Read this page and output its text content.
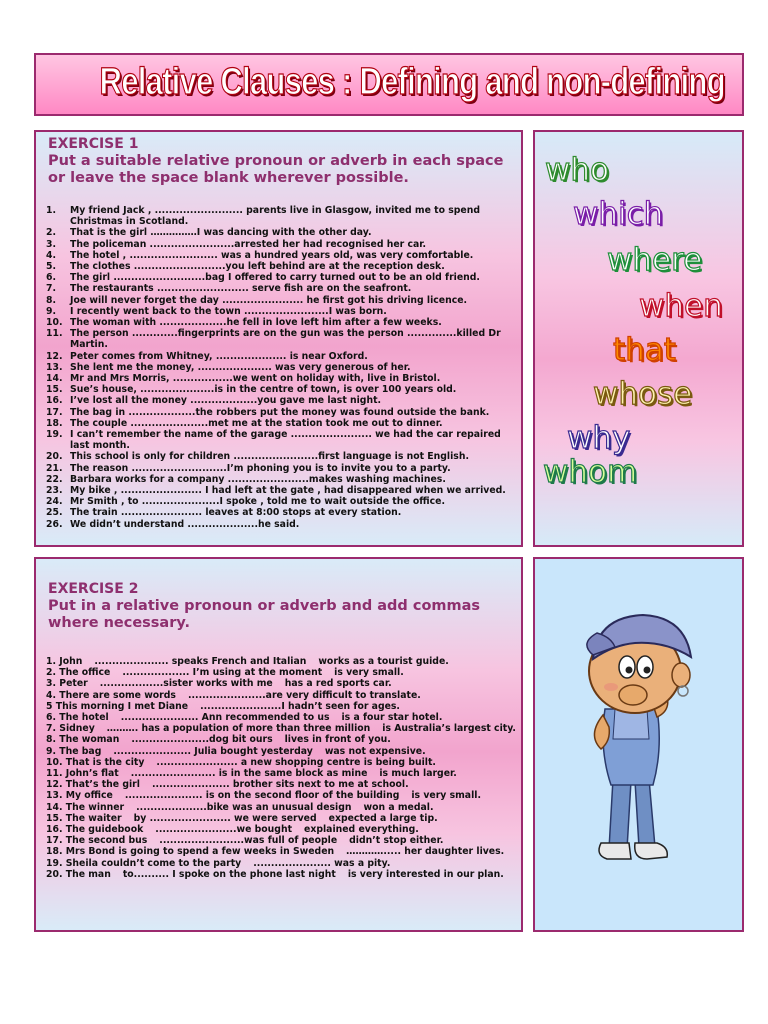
Relative Clauses : Defining and non-defining
EXERCISE 1
Put a suitable relative pronoun or adverb in each space or leave the space blank wherever possible.
1. My friend Jack , ......................... parents live in Glasgow, invited me to spend Christmas in Scotland.
2. That is the girl ……………I was dancing with the other day.
3. The policeman ........................arrested her had recognised her car.
4. The hotel , ......................... was a hundred years old, was very comfortable.
5. The clothes ..........................you left behind are at the reception desk.
6. The girl ..........................bag I offered to carry turned out to be an old friend.
7. The restaurants .......................... serve fish are on the seafront.
8. Joe will never forget the day ....................... he first got his driving licence.
9. I recently went back to the town ........................I was born.
10. The woman with ...................he fell in love left him after a few weeks.
11. The person .............fingerprints are on the gun was the person ..............killed Dr Martin.
12. Peter comes from Whitney, .................... is near Oxford.
13. She lent me the money, ..................... was very generous of her.
14. Mr and Mrs Morris, .................we went on holiday with, live in Bristol.
15. Sue’s house, .....................is in the centre of town, is over 100 years old.
16. I’ve lost all the money ...................you gave me last night.
17. The bag in ...................the robbers put the money was found outside the bank.
18. The couple ......................met me at the station took me out to dinner.
19. I can’t remember the name of the garage ....................... we had the car repaired last month.
20. This school is only for children ........................first language is not English.
21. The reason ...........................I’m phoning you is to invite you to a party.
22. Barbara works for a company .......................makes washing machines.
23. My bike , ....................... I had left at the gate , had disappeared when we arrived.
24. Mr Smith , to ......................I spoke , told me to wait outside the office.
25. The train ....................... leaves at 8:00 stops at every station.
26. We didn’t understand ....................he said.
who
which
where
when
that
whose
why
whom
EXERCISE 2
Put in a relative pronoun or adverb and add commas where necessary.
1. John ..................... speaks French and Italian works as a tourist guide.
2. The office ................... I’m using at the moment is very small.
3. Peter ..................sister works with me has a red sports car.
4. There are some words ......................are very difficult to translate.
5 This morning I met Diane .......................I hadn’t seen for ages.
6. The hotel ...................... Ann recommended to us is a four star hotel.
7. Sidney ………. has a population of more than three million is Australia’s largest city.
8. The woman ......................dog bit ours lives in front of you.
9. The bag ...................... Julia bought yesterday was not expensive.
10. That is the city ....................... a new shopping centre is being built.
11. John’s flat ........................ is in the same block as mine is much larger.
12. That’s the girl ...................... brother sits next to me at school.
13. My office ...................... is on the second floor of the building is very small.
14. The winner ....................bike was an unusual design won a medal.
15. The waiter by ....................... we were served expected a large tip.
16. The guidebook .......................we bought explained everything.
17. The second bus ........................was full of people didn’t stop either.
18. Mrs Bond is going to spend a few weeks in Sweden …………..... her daughter lives.
19. Sheila couldn’t come to the party ...................... was a pity.
20. The man to.......... I spoke on the phone last night is very interested in our plan.
